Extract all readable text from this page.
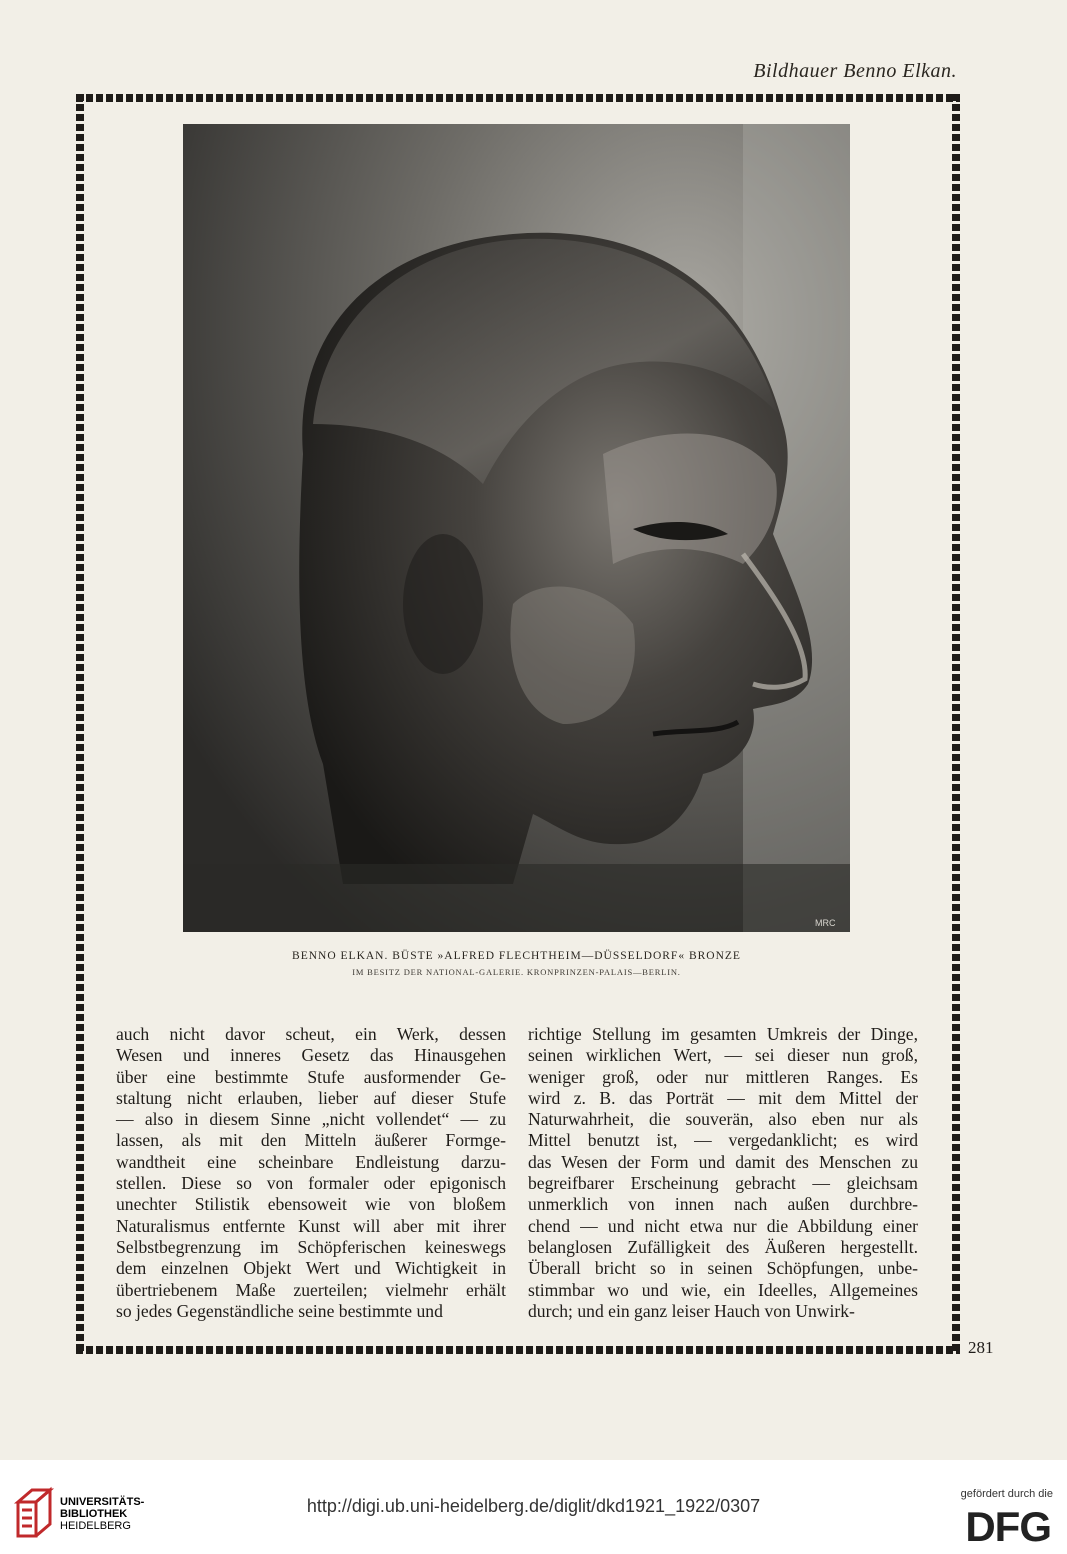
Bildhauer Benno Elkan.
281
MRC
BENNO ELKAN. BÜSTE »ALFRED FLECHTHEIM—DÜSSELDORF« BRONZE
IM BESITZ DER NATIONAL-GALERIE. KRONPRINZEN-PALAIS—BERLIN.
auch nicht davor scheut, ein Werk, dessen
Wesen und inneres Gesetz das Hinausgehen
über eine bestimmte Stufe ausformender Ge-
staltung nicht erlauben, lieber auf dieser Stufe
— also in diesem Sinne „nicht vollendet“ — zu
lassen, als mit den Mitteln äußerer Formge-
wandtheit eine scheinbare Endleistung darzu-
stellen. Diese so von formaler oder epigonisch
unechter Stilistik ebensoweit wie von bloßem
Naturalismus entfernte Kunst will aber mit ihrer
Selbstbegrenzung im Schöpferischen keineswegs
dem einzelnen Objekt Wert und Wichtigkeit in
übertriebenem Maße zuerteilen; vielmehr erhält
so jedes Gegenständliche seine bestimmte und
richtige Stellung im gesamten Umkreis der Dinge,
seinen wirklichen Wert, — sei dieser nun groß,
weniger groß, oder nur mittleren Ranges. Es
wird z. B. das Porträt — mit dem Mittel der
Naturwahrheit, die souverän, also eben nur als
Mittel benutzt ist, — vergedanklicht; es wird
das Wesen der Form und damit des Menschen zu
begreifbarer Erscheinung gebracht — gleichsam
unmerklich von innen nach außen durchbre-
chend — und nicht etwa nur die Abbildung einer
belanglosen Zufälligkeit des Äußeren hergestellt.
Überall bricht so in seinen Schöpfungen, unbe-
stimmbar wo und wie, ein Ideelles, Allgemeines
durch; und ein ganz leiser Hauch von Unwirk-
UNIVERSITÄTS-
BIBLIOTHEK
HEIDELBERG
http://digi.ub.uni-heidelberg.de/diglit/dkd1921_1922/0307
gefördert durch die
DFG
